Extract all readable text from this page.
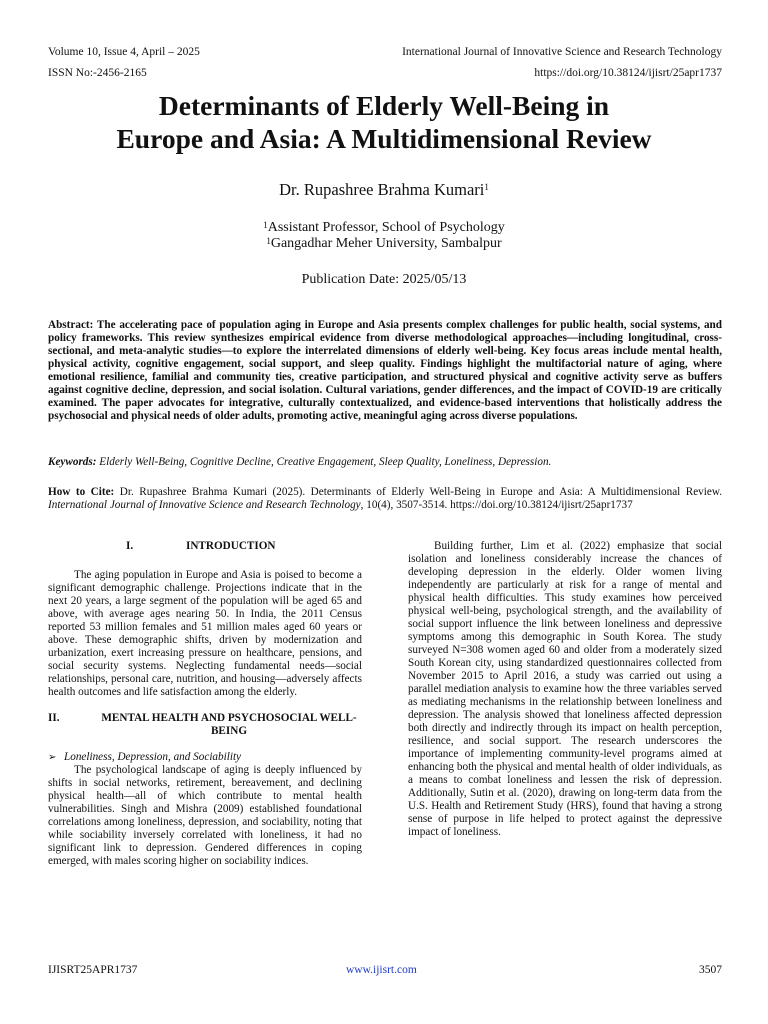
Volume 10, Issue 4, April – 2025	International Journal of Innovative Science and Research Technology
ISSN No:-2456-2165	https://doi.org/10.38124/ijisrt/25apr1737
Determinants of Elderly Well-Being in
Europe and Asia: A Multidimensional Review
Dr. Rupashree Brahma Kumari$^1$
$^1$Assistant Professor, School of Psychology
$^1$Gangadhar Meher University, Sambalpur
Publication Date: 2025/05/13

Abstract: The accelerating pace of population aging in Europe and Asia presents complex challenges for public health, social systems, and policy frameworks. This review synthesizes empirical evidence from diverse methodological approaches—including longitudinal, cross-sectional, and meta-analytic studies—to explore the interrelated dimensions of elderly well-being. Key focus areas include mental health, physical activity, cognitive engagement, social support, and sleep quality. Findings highlight the multifactorial nature of aging, where emotional resilience, familial and community ties, creative participation, and structured physical and cognitive activity serve as buffers against cognitive decline, depression, and social isolation. Cultural variations, gender differences, and the impact of COVID-19 are critically examined. The paper advocates for integrative, culturally contextualized, and evidence-based interventions that holistically address the psychosocial and physical needs of older adults, promoting active, meaningful aging across diverse populations.

Keywords: Elderly Well-Being, Cognitive Decline, Creative Engagement, Sleep Quality, Loneliness, Depression.

How to Cite: Dr. Rupashree Brahma Kumari (2025). Determinants of Elderly Well-Being in Europe and Asia: A Multidimensional Review. International Journal of Innovative Science and Research Technology, 10(4), 3507-3514. https://doi.org/10.38124/ijisrt/25apr1737

I.	INTRODUCTION

The aging population in Europe and Asia is poised to become a significant demographic challenge. Projections indicate that in the next 20 years, a large segment of the population will be aged 65 and above, with average ages nearing 50. In India, the 2011 Census reported 53 million females and 51 million males aged 60 years or above. These demographic shifts, driven by modernization and urbanization, exert increasing pressure on healthcare, pensions, and social security systems. Neglecting fundamental needs—social relationships, personal care, nutrition, and housing—adversely affects health outcomes and life satisfaction among the elderly.

II.	MENTAL HEALTH AND PSYCHOSOCIAL WELL-BEING
➢ Loneliness, Depression, and Sociability

The psychological landscape of aging is deeply influenced by shifts in social networks, retirement, bereavement, and declining physical health—all of which contribute to mental health vulnerabilities. Singh and Mishra (2009) established foundational correlations among loneliness, depression, and sociability, noting that while sociability inversely correlated with loneliness, it had no significant link to depression. Gendered differences in coping emerged, with males scoring higher on sociability indices.

Building further, Lim et al. (2022) emphasize that social isolation and loneliness considerably increase the chances of developing depression in the elderly. Older women living independently are particularly at risk for a range of mental and physical health difficulties. This study examines how perceived physical well-being, psychological strength, and the availability of social support influence the link between loneliness and depressive symptoms among this demographic in South Korea. The study surveyed N=308 women aged 60 and older from a moderately sized South Korean city, using standardized questionnaires collected from November 2015 to April 2016, a study was carried out using a parallel mediation analysis to examine how the three variables served as mediating mechanisms in the relationship between loneliness and depression. The analysis showed that loneliness affected depression both directly and indirectly through its impact on health perception, resilience, and social support. The research underscores the importance of implementing community-level programs aimed at enhancing both the physical and mental health of older individuals, as a means to combat loneliness and lessen the risk of depression. Additionally, Sutin et al. (2020), drawing on long-term data from the U.S. Health and Retirement Study (HRS), found that having a strong sense of purpose in life helped to protect against the depressive impact of loneliness.

IJISRT25APR1737	www.ijisrt.com	3507
